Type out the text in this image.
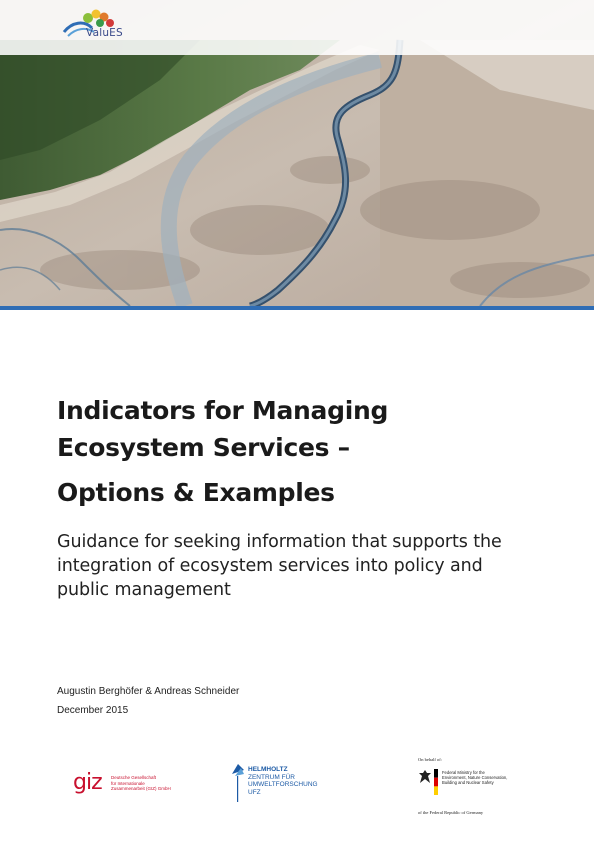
ValuES
Indicators for Managing
Ecosystem Services –
Options & Examples
Guidance for seeking information that supports the
integration of ecosystem services into policy and
public management
Augustin Berghöfer & Andreas Schneider
December 2015
giz Deutsche Gesellschaft
für Internationale
Zusammenarbeit (GIZ) GmbH
HELMHOLTZ
ZENTRUM FÜR
UMWELTFORSCHUNG
UFZ
On behalf of:
Federal Ministry for the
Environment, Nature Conservation,
Building and Nuclear Safety
of the Federal Republic of Germany
